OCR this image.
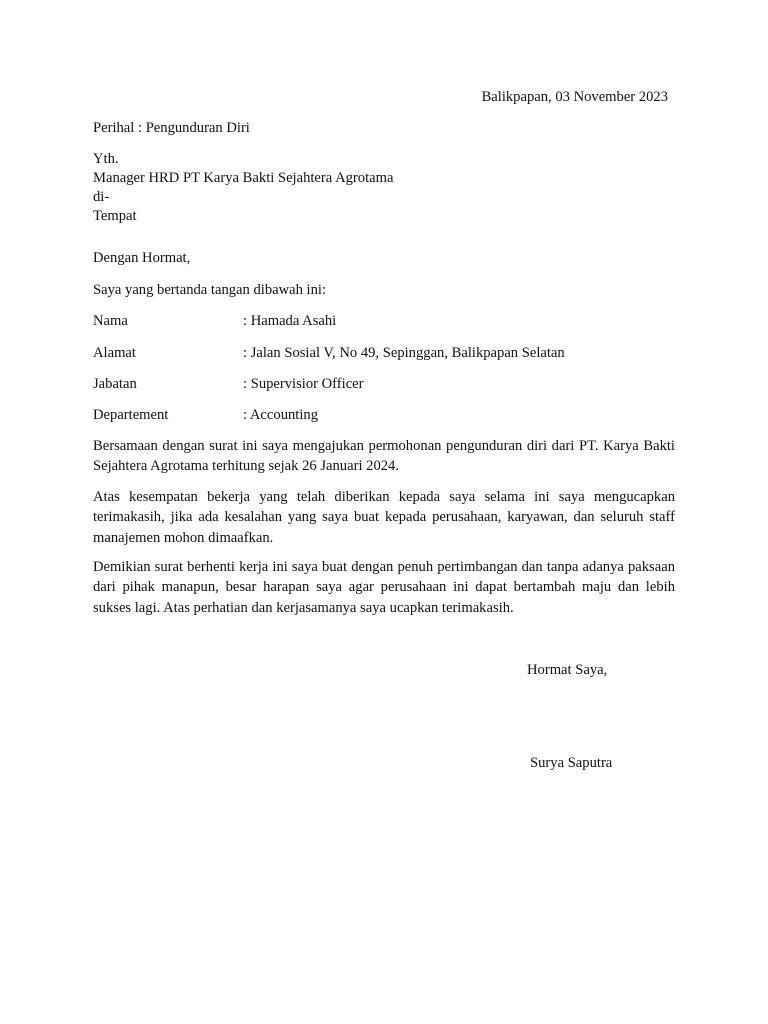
Balikpapan, 03 November 2023
Perihal : Pengunduran Diri
Yth.
Manager HRD PT Karya Bakti Sejahtera Agrotama
di-
Tempat
Dengan Hormat,
Saya yang bertanda tangan dibawah ini:
Nama	: Hamada Asahi
Alamat	: Jalan Sosial V, No 49, Sepinggan, Balikpapan Selatan
Jabatan	: Supervisior Officer
Departement	: Accounting

Bersamaan dengan surat ini saya mengajukan permohonan pengunduran diri dari PT. Karya Bakti Sejahtera Agrotama terhitung sejak 26 Januari 2024.

Atas kesempatan bekerja yang telah diberikan kepada saya selama ini saya mengucapkan terimakasih, jika ada kesalahan yang saya buat kepada perusahaan, karyawan, dan seluruh staff manajemen mohon dimaafkan.

Demikian surat berhenti kerja ini saya buat dengan penuh pertimbangan dan tanpa adanya paksaan dari pihak manapun, besar harapan saya agar perusahaan ini dapat bertambah maju dan lebih sukses lagi. Atas perhatian dan kerjasamanya saya ucapkan terimakasih.

Hormat Saya,
Surya Saputra
